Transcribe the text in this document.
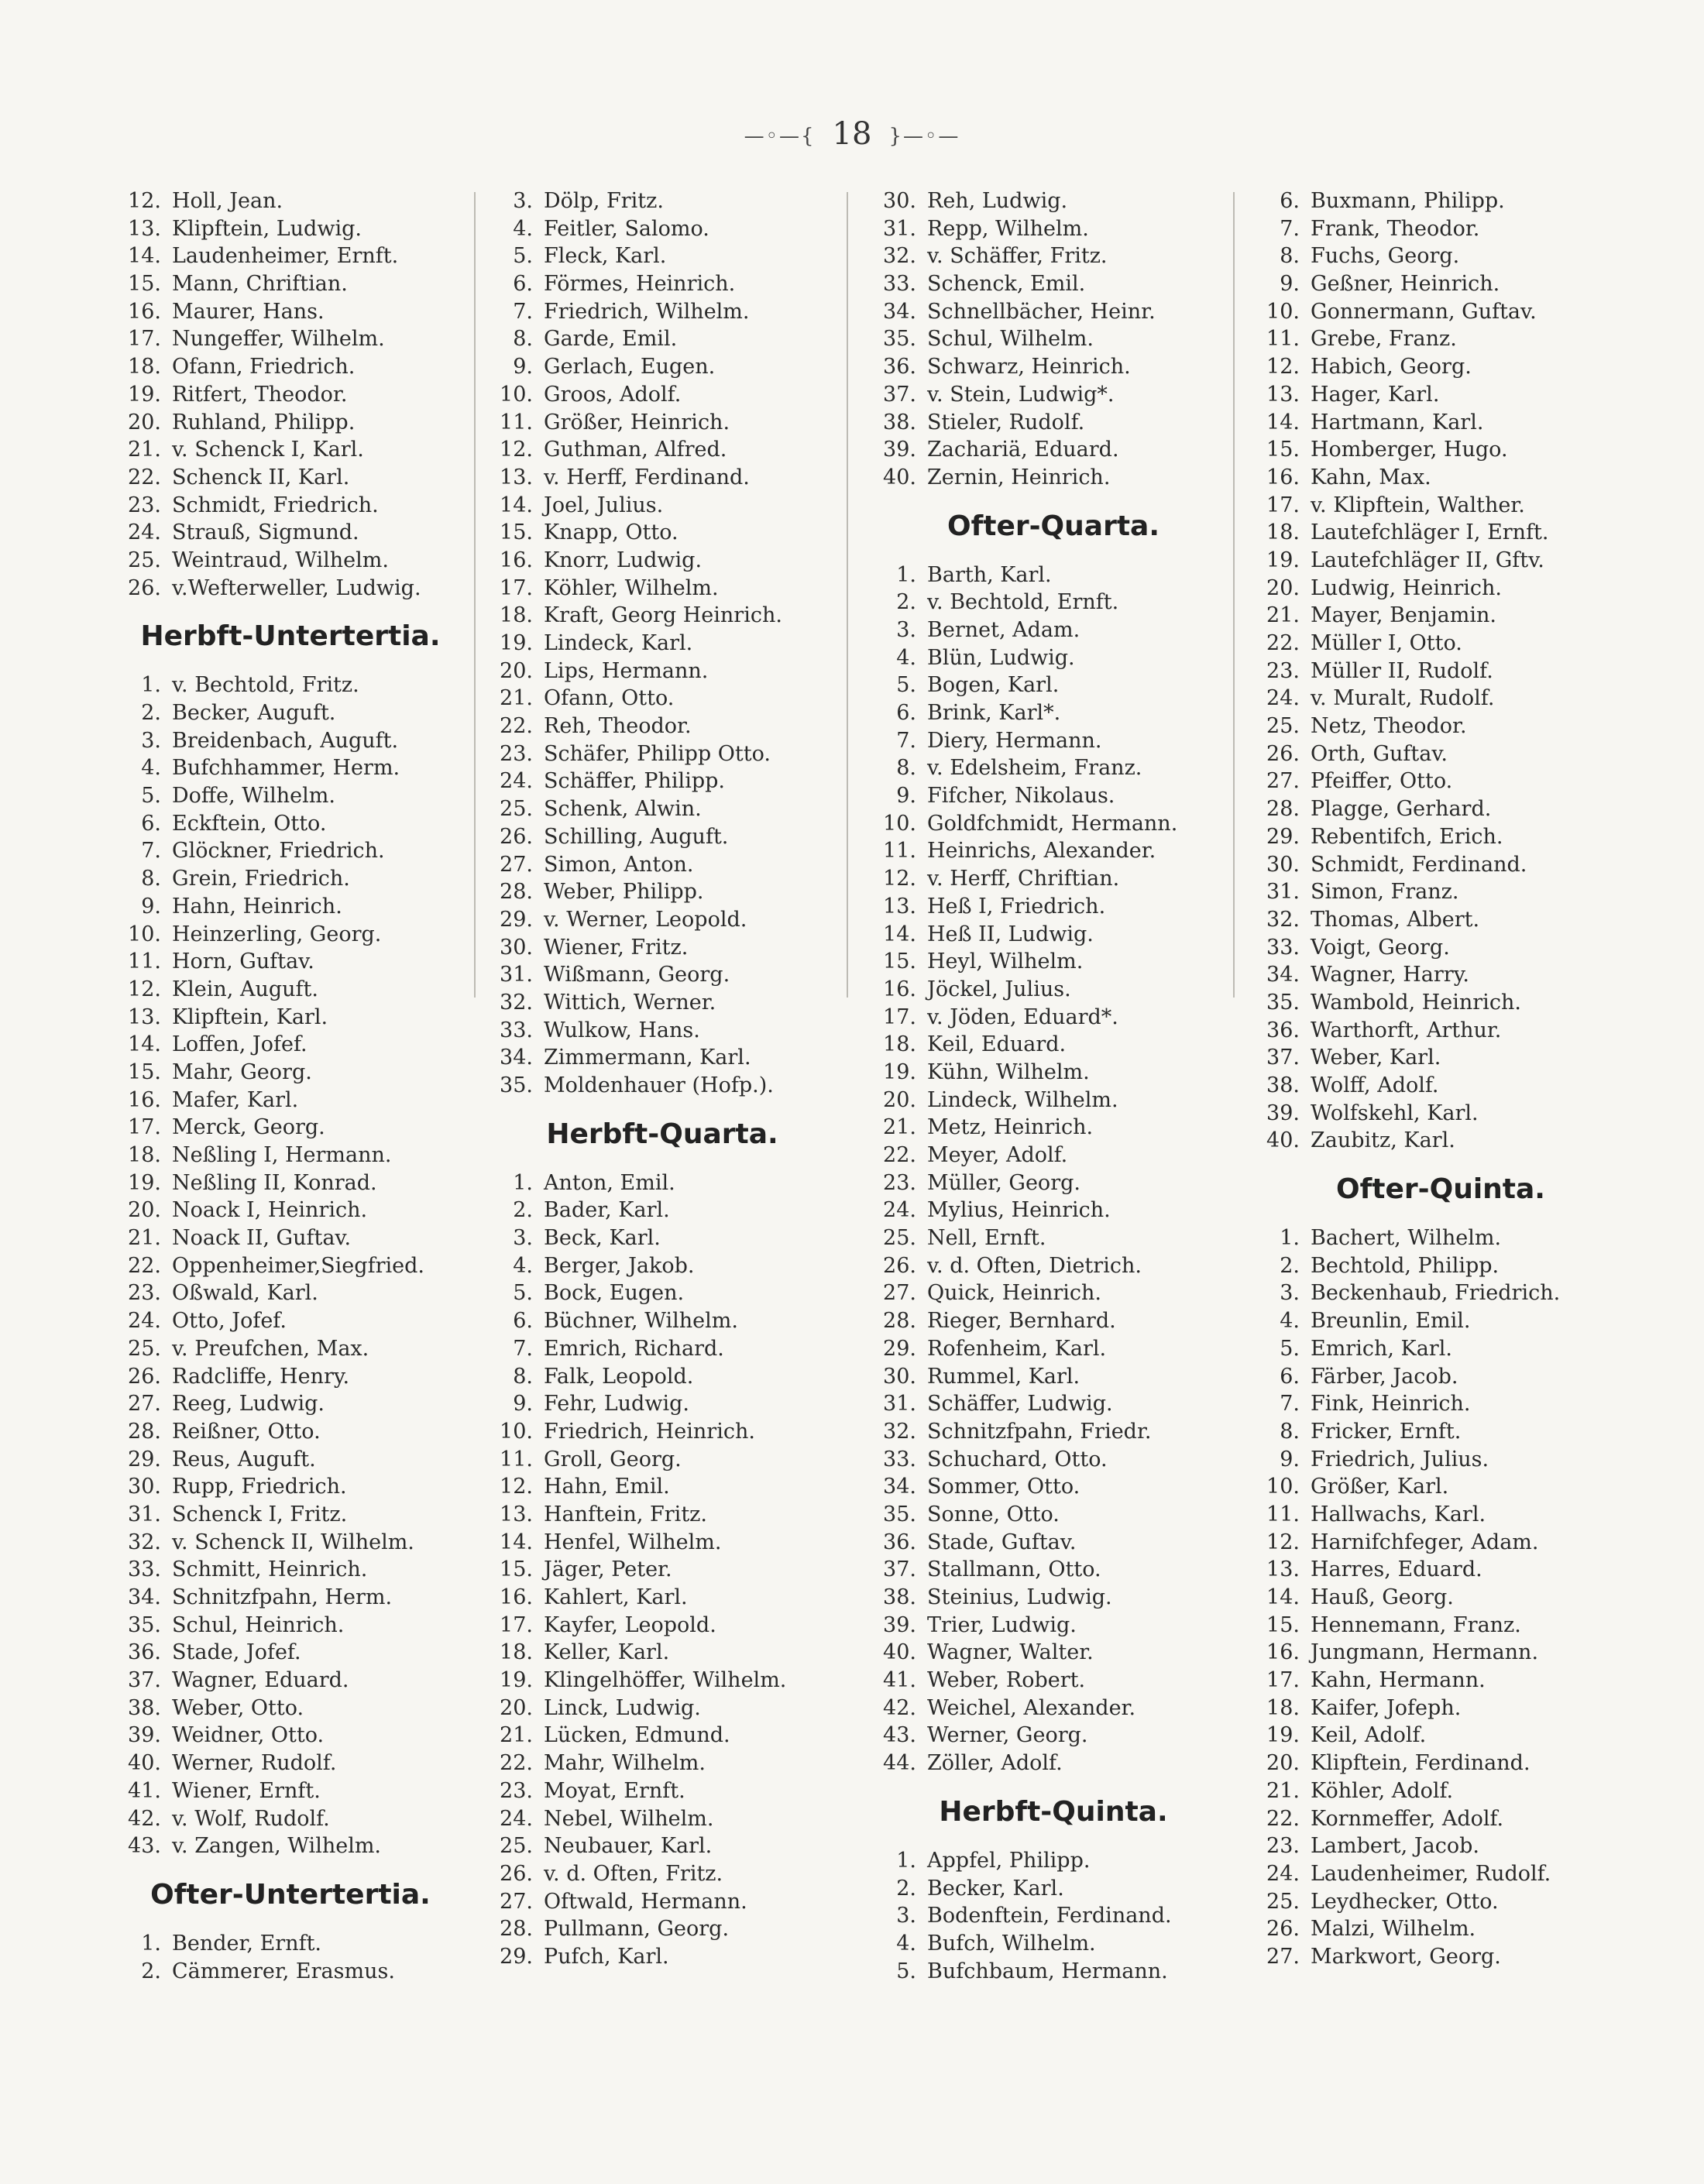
—◦—{ 18 }—◦—
12. Holl, Jean.
13. Klipftein, Ludwig.
14. Laudenheimer, Ernft.
15. Mann, Chriftian.
16. Maurer, Hans.
17. Nungeffer, Wilhelm.
18. Ofann, Friedrich.
19. Ritfert, Theodor.
20. Ruhland, Philipp.
21. v. Schenck I, Karl.
22. Schenck II, Karl.
23. Schmidt, Friedrich.
24. Strauß, Sigmund.
25. Weintraud, Wilhelm.
26. v.Wefterweller, Ludwig.
Herbft-Untertertia.
1. v. Bechtold, Fritz.
2. Becker, Auguft.
3. Breidenbach, Auguft.
4. Bufchhammer, Herm.
5. Doffe, Wilhelm.
6. Eckftein, Otto.
7. Glöckner, Friedrich.
8. Grein, Friedrich.
9. Hahn, Heinrich.
10. Heinzerling, Georg.
11. Horn, Guftav.
12. Klein, Auguft.
13. Klipftein, Karl.
14. Loffen, Jofef.
15. Mahr, Georg.
16. Mafer, Karl.
17. Merck, Georg.
18. Neßling I, Hermann.
19. Neßling II, Konrad.
20. Noack I, Heinrich.
21. Noack II, Guftav.
22. Oppenheimer,Siegfried.
23. Oßwald, Karl.
24. Otto, Jofef.
25. v. Preufchen, Max.
26. Radcliffe, Henry.
27. Reeg, Ludwig.
28. Reißner, Otto.
29. Reus, Auguft.
30. Rupp, Friedrich.
31. Schenck I, Fritz.
32. v. Schenck II, Wilhelm.
33. Schmitt, Heinrich.
34. Schnitzfpahn, Herm.
35. Schul, Heinrich.
36. Stade, Jofef.
37. Wagner, Eduard.
38. Weber, Otto.
39. Weidner, Otto.
40. Werner, Rudolf.
41. Wiener, Ernft.
42. v. Wolf, Rudolf.
43. v. Zangen, Wilhelm.
Ofter-Untertertia.
1. Bender, Ernft.
2. Cämmerer, Erasmus.
3. Dölp, Fritz.
4. Feitler, Salomo.
5. Fleck, Karl.
6. Förmes, Heinrich.
7. Friedrich, Wilhelm.
8. Garde, Emil.
9. Gerlach, Eugen.
10. Groos, Adolf.
11. Größer, Heinrich.
12. Guthman, Alfred.
13. v. Herff, Ferdinand.
14. Joel, Julius.
15. Knapp, Otto.
16. Knorr, Ludwig.
17. Köhler, Wilhelm.
18. Kraft, Georg Heinrich.
19. Lindeck, Karl.
20. Lips, Hermann.
21. Ofann, Otto.
22. Reh, Theodor.
23. Schäfer, Philipp Otto.
24. Schäffer, Philipp.
25. Schenk, Alwin.
26. Schilling, Auguft.
27. Simon, Anton.
28. Weber, Philipp.
29. v. Werner, Leopold.
30. Wiener, Fritz.
31. Wißmann, Georg.
32. Wittich, Werner.
33. Wulkow, Hans.
34. Zimmermann, Karl.
35. Moldenhauer (Hofp.).
Herbft-Quarta.
1. Anton, Emil.
2. Bader, Karl.
3. Beck, Karl.
4. Berger, Jakob.
5. Bock, Eugen.
6. Büchner, Wilhelm.
7. Emrich, Richard.
8. Falk, Leopold.
9. Fehr, Ludwig.
10. Friedrich, Heinrich.
11. Groll, Georg.
12. Hahn, Emil.
13. Hanftein, Fritz.
14. Henfel, Wilhelm.
15. Jäger, Peter.
16. Kahlert, Karl.
17. Kayfer, Leopold.
18. Keller, Karl.
19. Klingelhöffer, Wilhelm.
20. Linck, Ludwig.
21. Lücken, Edmund.
22. Mahr, Wilhelm.
23. Moyat, Ernft.
24. Nebel, Wilhelm.
25. Neubauer, Karl.
26. v. d. Often, Fritz.
27. Oftwald, Hermann.
28. Pullmann, Georg.
29. Pufch, Karl.
30. Reh, Ludwig.
31. Repp, Wilhelm.
32. v. Schäffer, Fritz.
33. Schenck, Emil.
34. Schnellbächer, Heinr.
35. Schul, Wilhelm.
36. Schwarz, Heinrich.
37. v. Stein, Ludwig*.
38. Stieler, Rudolf.
39. Zachariä, Eduard.
40. Zernin, Heinrich.
Ofter-Quarta.
1. Barth, Karl.
2. v. Bechtold, Ernft.
3. Bernet, Adam.
4. Blün, Ludwig.
5. Bogen, Karl.
6. Brink, Karl*.
7. Diery, Hermann.
8. v. Edelsheim, Franz.
9. Fifcher, Nikolaus.
10. Goldfchmidt, Hermann.
11. Heinrichs, Alexander.
12. v. Herff, Chriftian.
13. Heß I, Friedrich.
14. Heß II, Ludwig.
15. Heyl, Wilhelm.
16. Jöckel, Julius.
17. v. Jöden, Eduard*.
18. Keil, Eduard.
19. Kühn, Wilhelm.
20. Lindeck, Wilhelm.
21. Metz, Heinrich.
22. Meyer, Adolf.
23. Müller, Georg.
24. Mylius, Heinrich.
25. Nell, Ernft.
26. v. d. Often, Dietrich.
27. Quick, Heinrich.
28. Rieger, Bernhard.
29. Rofenheim, Karl.
30. Rummel, Karl.
31. Schäffer, Ludwig.
32. Schnitzfpahn, Friedr.
33. Schuchard, Otto.
34. Sommer, Otto.
35. Sonne, Otto.
36. Stade, Guftav.
37. Stallmann, Otto.
38. Steinius, Ludwig.
39. Trier, Ludwig.
40. Wagner, Walter.
41. Weber, Robert.
42. Weichel, Alexander.
43. Werner, Georg.
44. Zöller, Adolf.
Herbft-Quinta.
1. Appfel, Philipp.
2. Becker, Karl.
3. Bodenftein, Ferdinand.
4. Bufch, Wilhelm.
5. Bufchbaum, Hermann.
6. Buxmann, Philipp.
7. Frank, Theodor.
8. Fuchs, Georg.
9. Geßner, Heinrich.
10. Gonnermann, Guftav.
11. Grebe, Franz.
12. Habich, Georg.
13. Hager, Karl.
14. Hartmann, Karl.
15. Homberger, Hugo.
16. Kahn, Max.
17. v. Klipftein, Walther.
18. Lautefchläger I, Ernft.
19. Lautefchläger II, Gftv.
20. Ludwig, Heinrich.
21. Mayer, Benjamin.
22. Müller I, Otto.
23. Müller II, Rudolf.
24. v. Muralt, Rudolf.
25. Netz, Theodor.
26. Orth, Guftav.
27. Pfeiffer, Otto.
28. Plagge, Gerhard.
29. Rebentifch, Erich.
30. Schmidt, Ferdinand.
31. Simon, Franz.
32. Thomas, Albert.
33. Voigt, Georg.
34. Wagner, Harry.
35. Wambold, Heinrich.
36. Warthorft, Arthur.
37. Weber, Karl.
38. Wolff, Adolf.
39. Wolfskehl, Karl.
40. Zaubitz, Karl.
Ofter-Quinta.
1. Bachert, Wilhelm.
2. Bechtold, Philipp.
3. Beckenhaub, Friedrich.
4. Breunlin, Emil.
5. Emrich, Karl.
6. Färber, Jacob.
7. Fink, Heinrich.
8. Fricker, Ernft.
9. Friedrich, Julius.
10. Größer, Karl.
11. Hallwachs, Karl.
12. Harnifchfeger, Adam.
13. Harres, Eduard.
14. Hauß, Georg.
15. Hennemann, Franz.
16. Jungmann, Hermann.
17. Kahn, Hermann.
18. Kaifer, Jofeph.
19. Keil, Adolf.
20. Klipftein, Ferdinand.
21. Köhler, Adolf.
22. Kornmeffer, Adolf.
23. Lambert, Jacob.
24. Laudenheimer, Rudolf.
25. Leydhecker, Otto.
26. Malzi, Wilhelm.
27. Markwort, Georg.
